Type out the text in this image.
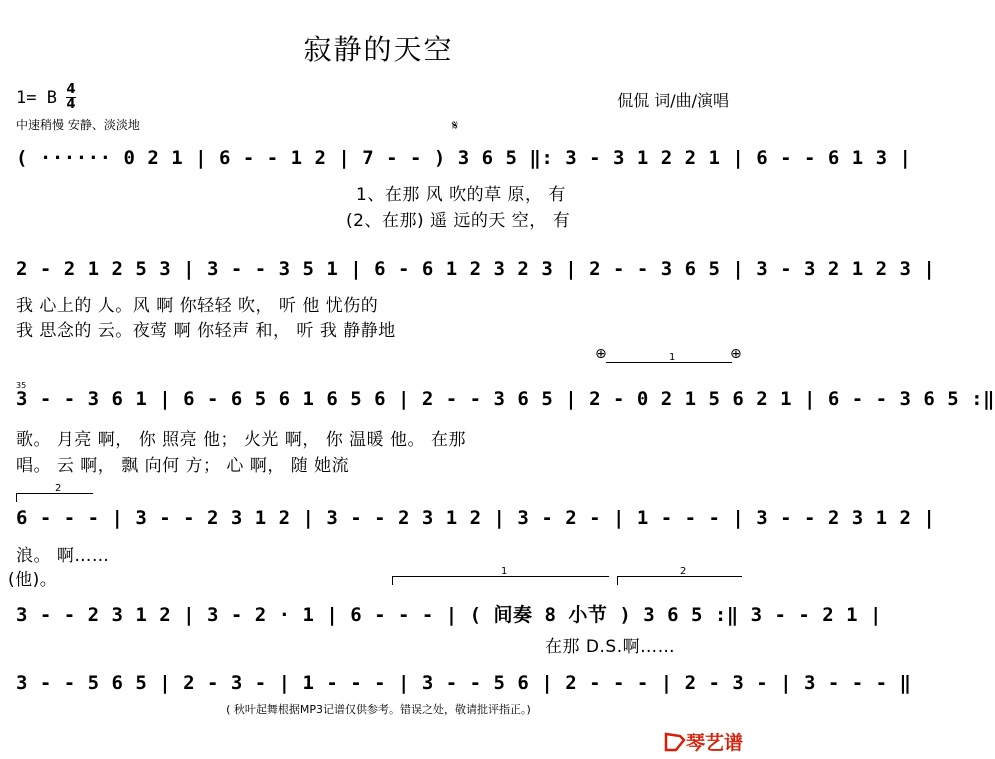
寂静的天空
1= B 4
4
中速稍慢 安静、淡淡地
侃侃 词/曲/演唱
𝄋
( ······ 0 2 1 | 6 - - 1 2 | 7 - - ) 3 6 5 ‖: 3 - 3 1 2 2 1 | 6 - - 6 1 3 |
1、在那 风 吹的草 原， 有
(2、在那) 遥 远的天 空， 有
2 - 2 1 2 5 3 | 3 - - 3 5 1 | 6 - 6 1 2 3 2 3 | 2 - - 3 6 5 | 3 - 3 2 1 2 3 |
我 心上的 人。风 啊 你轻轻 吹， 听 他 忧伤的
我 思念的 云。夜莺 啊 你轻声 和， 听 我 静静地
⊕	1	⊕
35
3 - - 3 6 1 | 6 - 6 5 6 1 6 5 6 | 2 - - 3 6 5 | 2 - 0 2 1 5 6 2 1 | 6 - - 3 6 5 :‖
歌。 月亮 啊， 你 照亮 他； 火光 啊， 你 温暖 他。 在那
唱。 云 啊， 飘 向何 方； 心 啊， 随 她流
2
6 - - - | 3 - - 2 3 1 2 | 3 - - 2 3 1 2 | 3 - 2 - | 1 - - - | 3 - - 2 3 1 2 |
浪。 啊……
(他)。	1	2
3 - - 2 3 1 2 | 3 - 2 · 1 | 6 - - - | ( 间奏 8 小节 ) 3 6 5 :‖ 3 - - 2 1 |
在那 D.S.啊……
3 - - 5 6 5 | 2 - 3 - | 1 - - - | 3 - - 5 6 | 2 - - - | 2 - 3 - | 3 - - - ‖
( 秋叶起舞根据MP3记谱仅供参考。错误之处，敬请批评指正。)
琴艺谱
